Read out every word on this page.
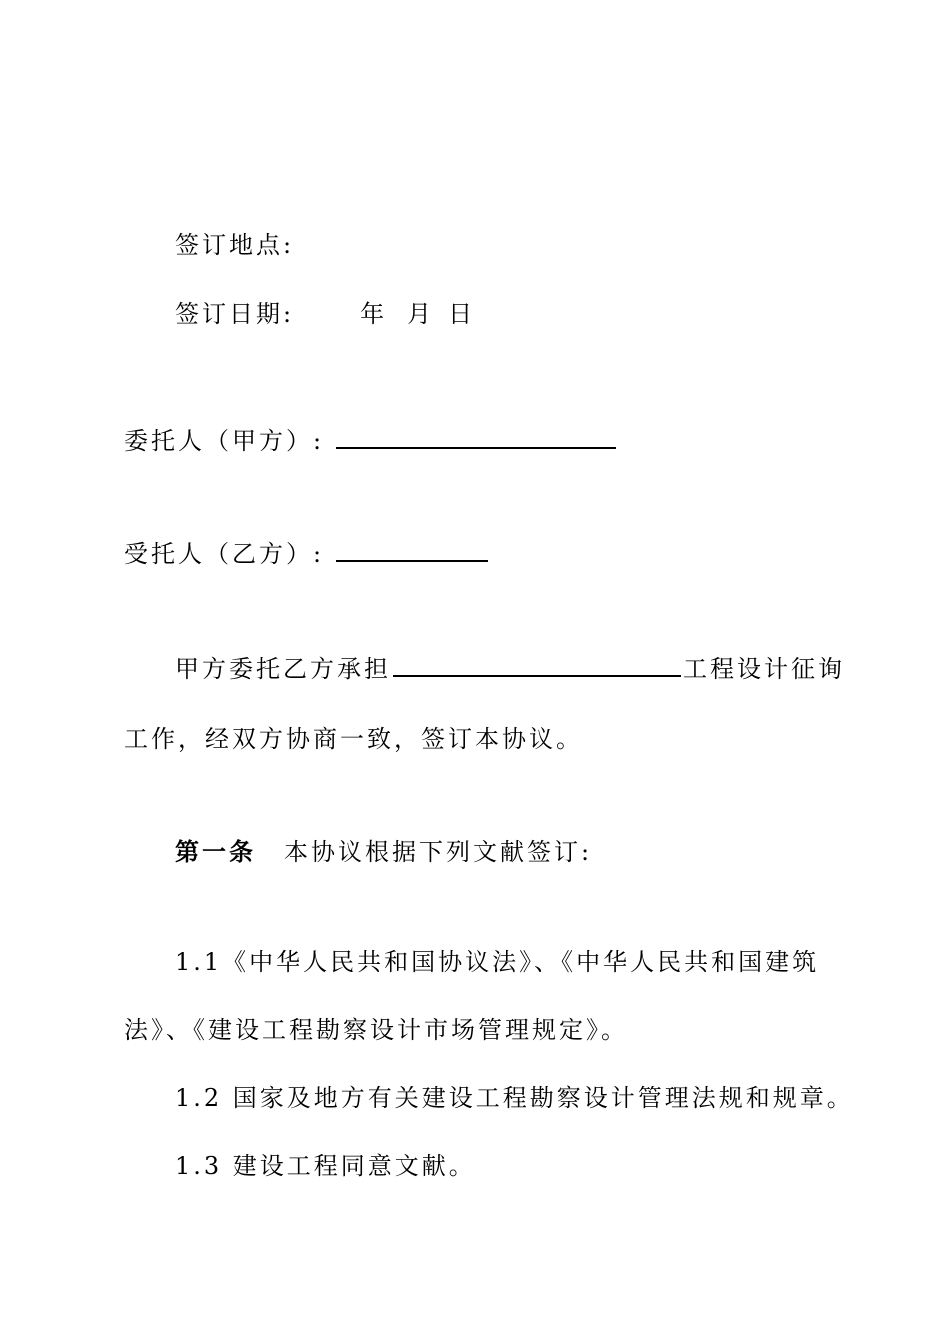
签订地点:
签订日期:	年 月 日
委托人（甲方）:
受托人（乙方）:
甲方委托乙方承担	工程设计征询
工作，经双方协商一致，签订本协议。
第一条 本协议根据下列文献签订:
1.1《中华人民共和国协议法》、《中华人民共和国建筑
法》、《建设工程勘察设计市场管理规定》。
1.2 国家及地方有关建设工程勘察设计管理法规和规章。
1.3 建设工程同意文献。
